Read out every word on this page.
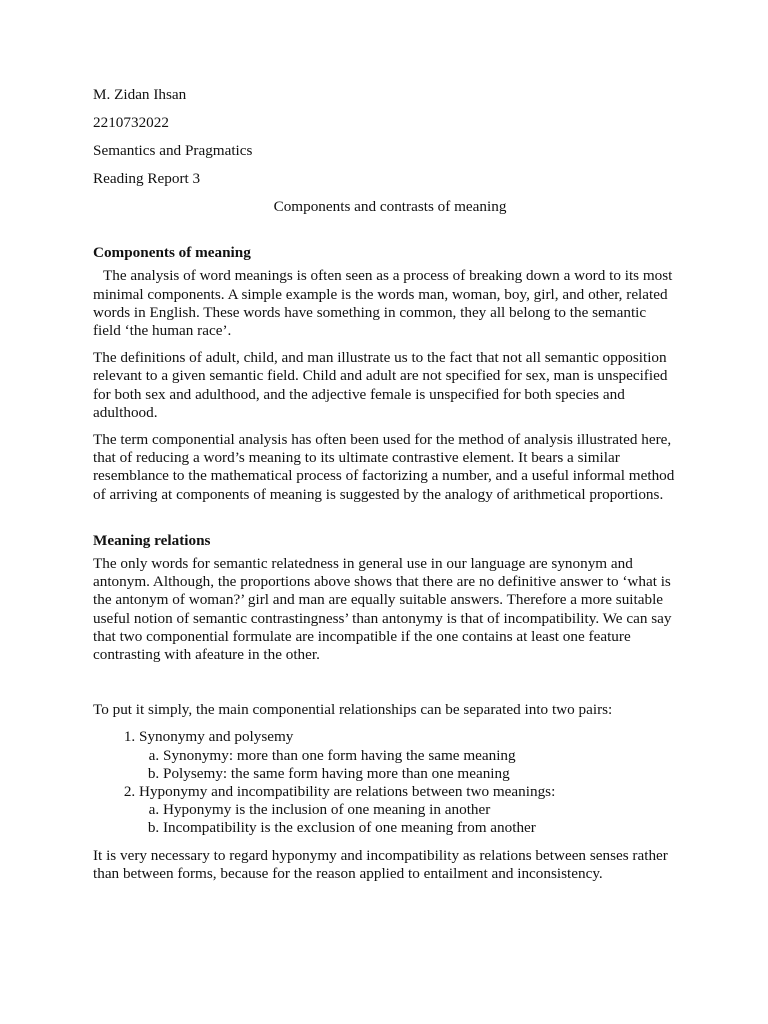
M. Zidan Ihsan
2210732022
Semantics and Pragmatics
Reading Report 3
Components and contrasts of meaning
Components of meaning

The analysis of word meanings is often seen as a process of breaking down a word to its most minimal components. A simple example is the words man, woman, boy, girl, and other, related words in English. These words have something in common, they all belong to the semantic field ‘the human race’.

The definitions of adult, child, and man illustrate us to the fact that not all semantic opposition relevant to a given semantic field. Child and adult are not specified for sex, man is unspecified for both sex and adulthood, and the adjective female is unspecified for both species and adulthood.

The term componential analysis has often been used for the method of analysis illustrated here, that of reducing a word’s meaning to its ultimate contrastive element. It bears a similar resemblance to the mathematical process of factorizing a number, and a useful informal method of arriving at components of meaning is suggested by the analogy of arithmetical proportions.

Meaning relations

The only words for semantic relatedness in general use in our language are synonym and antonym. Although, the proportions above shows that there are no definitive answer to ‘what is the antonym of woman?’ girl and man are equally suitable answers. Therefore a more suitable useful notion of semantic contrastingness’ than antonymy is that of incompatibility. We can say that two componential formulate are incompatible if the one contains at least one feature contrasting with afeature in the other.

To put it simply, the main componential relationships can be separated into two pairs:

1. Synonymy and polysemy
a. Synonymy: more than one form having the same meaning
b. Polysemy: the same form having more than one meaning
2. Hyponymy and incompatibility are relations between two meanings:
a. Hyponymy is the inclusion of one meaning in another
b. Incompatibility is the exclusion of one meaning from another

It is very necessary to regard hyponymy and incompatibility as relations between senses rather than between forms, because for the reason applied to entailment and inconsistency.
